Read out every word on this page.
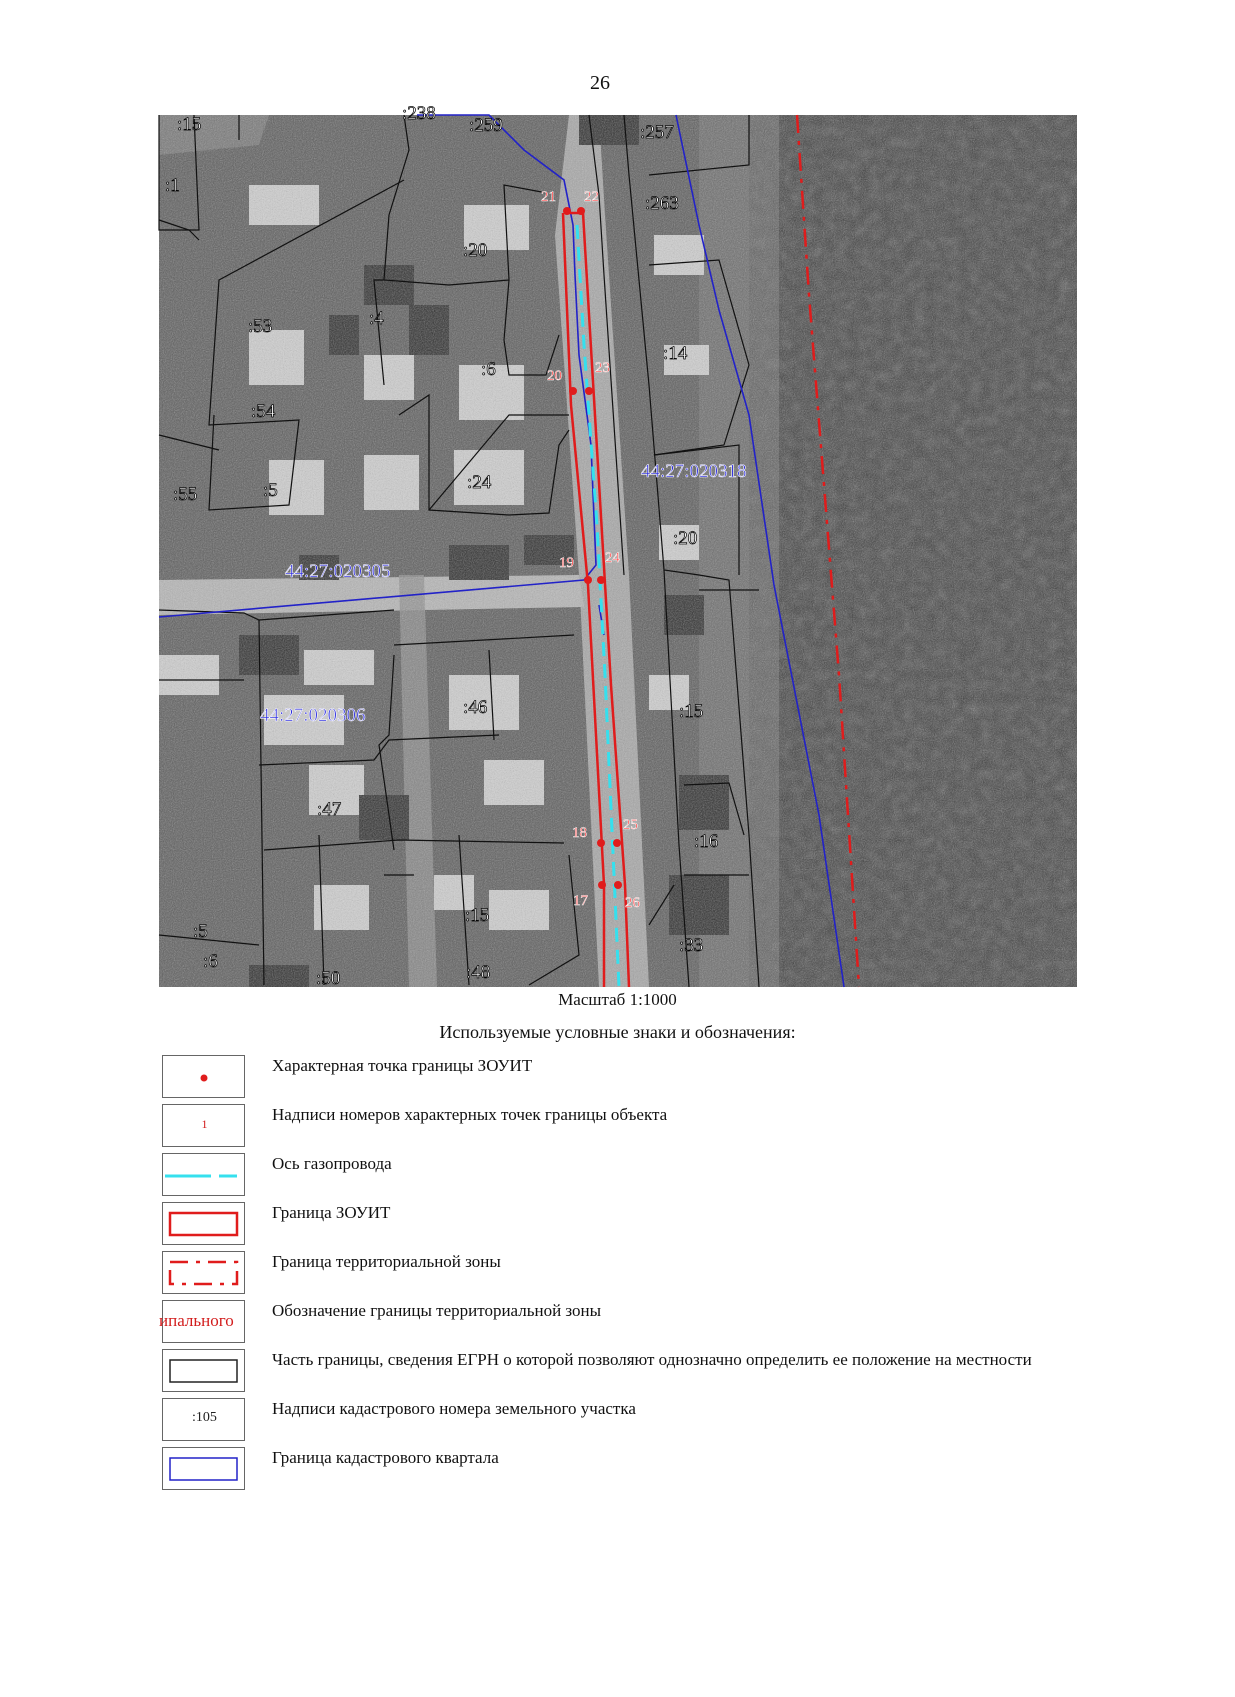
26
21 22
20 23
19 24
18 25
17 26
:15
:238
:259	:257
:1
:263
:20
:53	:4
:14
:6
:54
:55	:5	:24
:20
:15
:46
:47
:16
:5
:15
:33
:6
:50	:48
44:27:020318
44:27:020305
44:27:020306
Масштаб 1:1000
Используемые условные знаки и обозначения:
Характерная точка границы ЗОУИТ
1	Надписи номеров характерных точек границы объекта
Ось газопровода
Граница ЗОУИТ
Граница территориальной зоны
ипального
Обозначение границы территориальной зоны
Часть границы, сведения ЕГРН о которой позволяют однозначно определить ее положение на местности
:105	Надписи кадастрового номера земельного участка
Граница кадастрового квартала
